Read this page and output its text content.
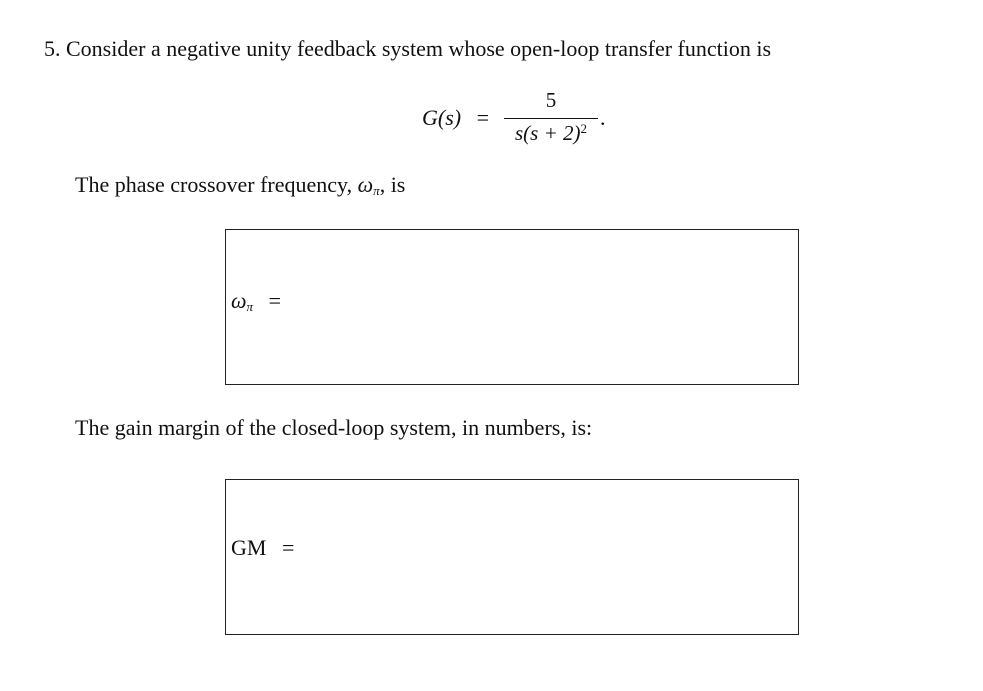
5. Consider a negative unity feedback system whose open-loop transfer function is
G(s) =
5
$s(s + 2)^2$ .
The phase crossover frequency, $\omega_\pi$, is
$\omega_\pi$ =
The gain margin of the closed-loop system, in numbers, is:
GM =
